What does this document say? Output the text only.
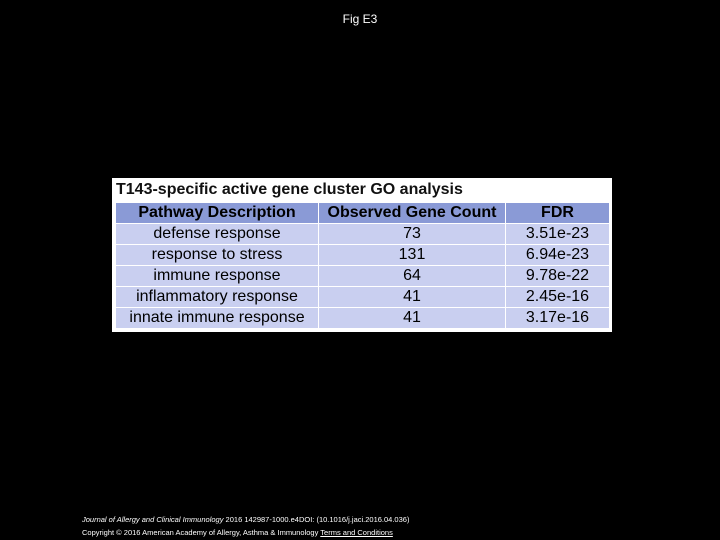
Fig E3
T143-specific active gene cluster GO analysis
Pathway Description	Observed Gene Count	FDR
defense response	73	3.51e-23
response to stress	131	6.94e-23
immune response	64	9.78e-22
inflammatory response	41	2.45e-16
innate immune response	41	3.17e-16
Journal of Allergy and Clinical Immunology 2016 142987-1000.e4DOI: (10.1016/j.jaci.2016.04.036)
Copyright © 2016 American Academy of Allergy, Asthma & Immunology Terms and Conditions
